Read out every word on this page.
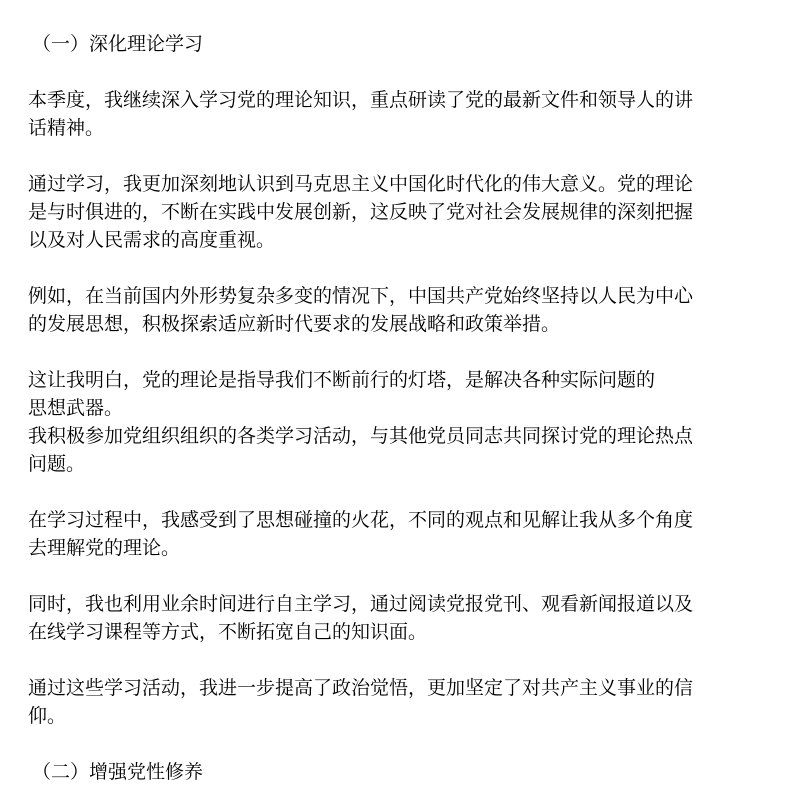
（一）深化理论学习
本季度，我继续深入学习党的理论知识，重点研读了党的最新文件和领导人的讲
话精神。
通过学习，我更加深刻地认识到马克思主义中国化时代化的伟大意义。党的理论
是与时俱进的，不断在实践中发展创新，这反映了党对社会发展规律的深刻把握
以及对人民需求的高度重视。
例如，在当前国内外形势复杂多变的情况下，中国共产党始终坚持以人民为中心
的发展思想，积极探索适应新时代要求的发展战略和政策举措。
这让我明白，党的理论是指导我们不断前行的灯塔，是解决各种实际问题的
思想武器。
我积极参加党组织组织的各类学习活动，与其他党员同志共同探讨党的理论热点
问题。
在学习过程中，我感受到了思想碰撞的火花，不同的观点和见解让我从多个角度
去理解党的理论。
同时，我也利用业余时间进行自主学习，通过阅读党报党刊、观看新闻报道以及
在线学习课程等方式，不断拓宽自己的知识面。
通过这些学习活动，我进一步提高了政治觉悟，更加坚定了对共产主义事业的信
仰。
（二）增强党性修养
